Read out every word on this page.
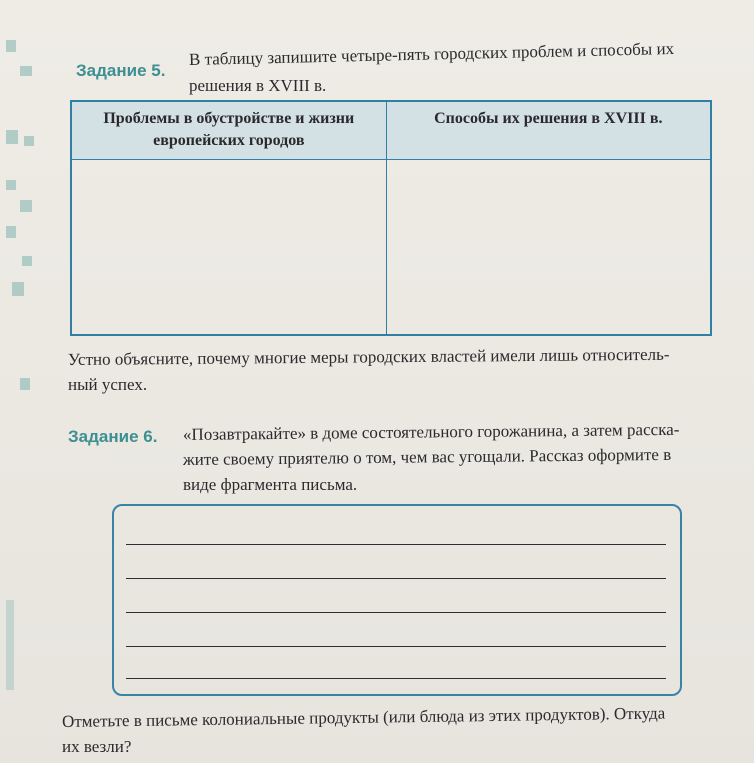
Задание 5.
В таблицу запишите четыре-пять городских проблем и способы их
решения в XVIII в.
Проблемы в обустройстве и жизни европейских городов	Способы их решения в XVIII в.

Устно объясните, почему многие меры городских властей имели лишь относитель-
ный успех.
Задание 6. «Позавтракайте» в доме состоятельного горожанина, а затем расска-
жите своему приятелю о том, чем вас угощали. Рассказ оформите в
виде фрагмента письма.
Отметьте в письме колониальные продукты (или блюда из этих продуктов). Откуда
их везли?
